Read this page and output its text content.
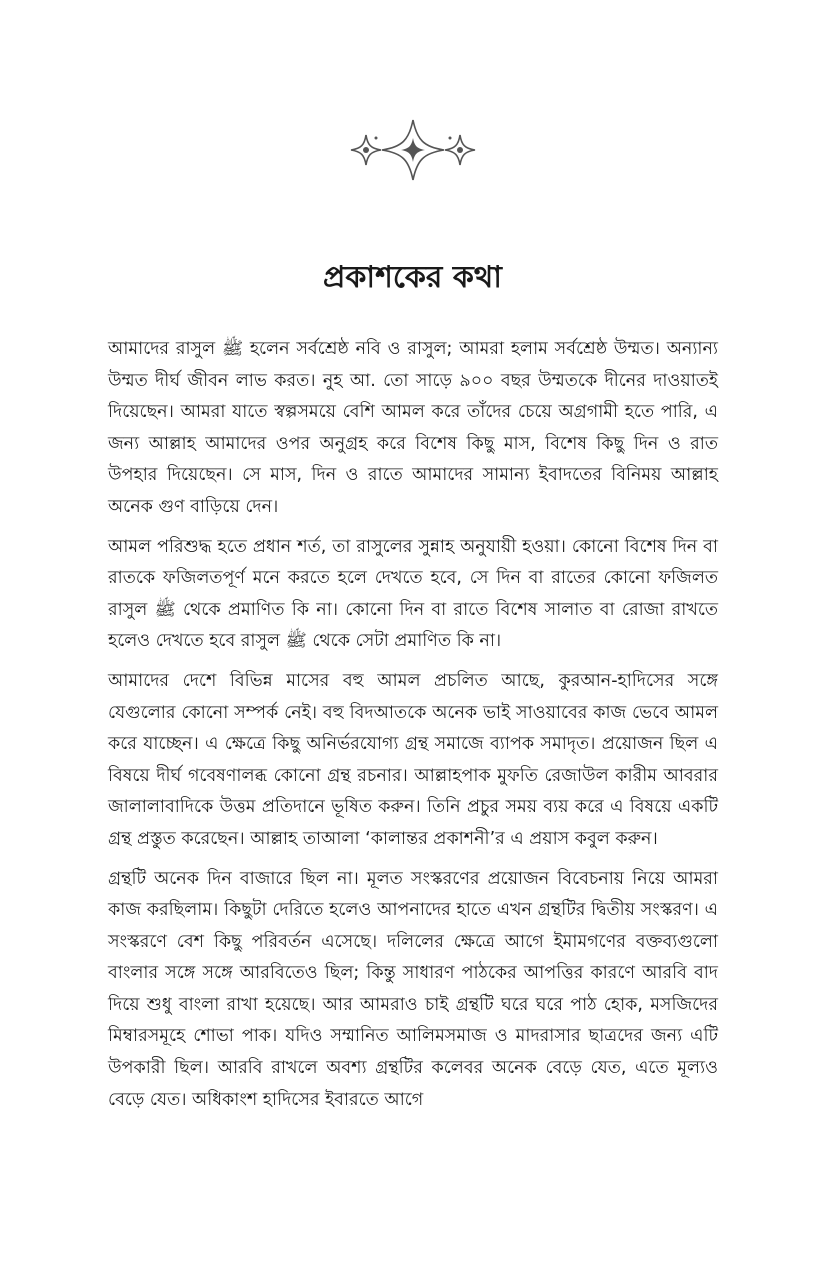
প্রকাশকের কথা

আমাদের রাসুল ﷺ হলেন সর্বশ্রেষ্ঠ নবি ও রাসুল; আমরা হলাম সর্বশ্রেষ্ঠ উম্মত। অন্যান্য উম্মত দীর্ঘ জীবন লাভ করত। নুহ আ. তো সাড়ে ৯০০ বছর উম্মতকে দীনের দাওয়াতই দিয়েছেন। আমরা যাতে স্বল্পসময়ে বেশি আমল করে তাঁদের চেয়ে অগ্রগামী হতে পারি, এ জন্য আল্লাহ আমাদের ওপর অনুগ্রহ করে বিশেষ কিছু মাস, বিশেষ কিছু দিন ও রাত উপহার দিয়েছেন। সে মাস, দিন ও রাতে আমাদের সামান্য ইবাদতের বিনিময় আল্লাহ অনেক গুণ বাড়িয়ে দেন।

আমল পরিশুদ্ধ হতে প্রধান শর্ত, তা রাসুলের সুন্নাহ অনুযায়ী হওয়া। কোনো বিশেষ দিন বা রাতকে ফজিলতপূর্ণ মনে করতে হলে দেখতে হবে, সে দিন বা রাতের কোনো ফজিলত রাসুল ﷺ থেকে প্রমাণিত কি না। কোনো দিন বা রাতে বিশেষ সালাত বা রোজা রাখতে হলেও দেখতে হবে রাসুল ﷺ থেকে সেটা প্রমাণিত কি না।

আমাদের দেশে বিভিন্ন মাসের বহু আমল প্রচলিত আছে, কুরআন-হাদিসের সঙ্গে যেগুলোর কোনো সম্পর্ক নেই। বহু বিদআতকে অনেক ভাই সাওয়াবের কাজ ভেবে আমল করে যাচ্ছেন। এ ক্ষেত্রে কিছু অনির্ভরযোগ্য গ্রন্থ সমাজে ব্যাপক সমাদৃত। প্রয়োজন ছিল এ বিষয়ে দীর্ঘ গবেষণালব্ধ কোনো গ্রন্থ রচনার। আল্লাহপাক মুফতি রেজাউল কারীম আবরার জালালাবাদিকে উত্তম প্রতিদানে ভূষিত করুন। তিনি প্রচুর সময় ব্যয় করে এ বিষয়ে একটি গ্রন্থ প্রস্তুত করেছেন। আল্লাহ তাআলা ‘কালান্তর প্রকাশনী’র এ প্রয়াস কবুল করুন।

গ্রন্থটি অনেক দিন বাজারে ছিল না। মূলত সংস্করণের প্রয়োজন বিবেচনায় নিয়ে আমরা কাজ করছিলাম। কিছুটা দেরিতে হলেও আপনাদের হাতে এখন গ্রন্থটির দ্বিতীয় সংস্করণ। এ সংস্করণে বেশ কিছু পরিবর্তন এসেছে। দলিলের ক্ষেত্রে আগে ইমামগণের বক্তব্যগুলো বাংলার সঙ্গে সঙ্গে আরবিতেও ছিল; কিন্তু সাধারণ পাঠকের আপত্তির কারণে আরবি বাদ দিয়ে শুধু বাংলা রাখা হয়েছে। আর আমরাও চাই গ্রন্থটি ঘরে ঘরে পাঠ হোক, মসজিদের মিম্বারসমূহে শোভা পাক। যদিও সম্মানিত আলিমসমাজ ও মাদরাসার ছাত্রদের জন্য এটি উপকারী ছিল। আরবি রাখলে অবশ্য গ্রন্থটির কলেবর অনেক বেড়ে যেত, এতে মূল্যও বেড়ে যেত। অধিকাংশ হাদিসের ইবারতে আগে
